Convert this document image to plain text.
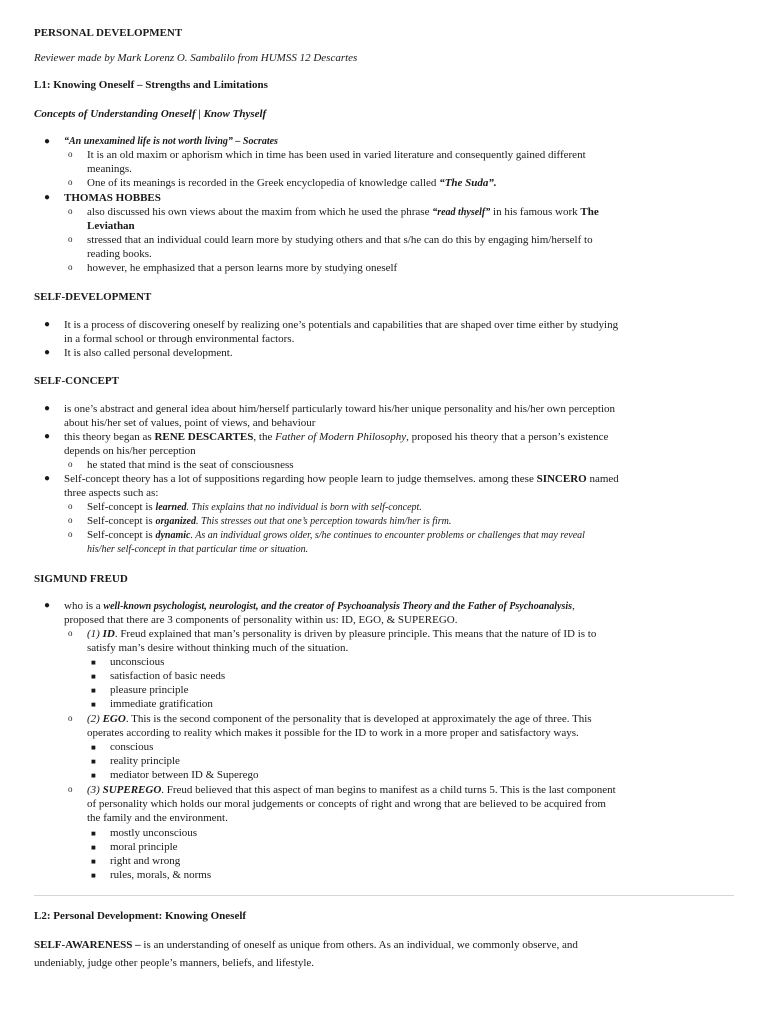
PERSONAL DEVELOPMENT
Reviewer made by Mark Lorenz O. Sambalilo from HUMSS 12 Descartes
L1: Knowing Oneself – Strengths and Limitations
Concepts of Understanding Oneself | Know Thyself
● “An unexamined life is not worth living” – Socrates
o It is an old maxim or aphorism which in time has been used in varied literature and consequently gained different
meanings.
o One of its meanings is recorded in the Greek encyclopedia of knowledge called “The Suda”.
● THOMAS HOBBES
o also discussed his own views about the maxim from which he used the phrase “read thyself” in his famous work The
Leviathan
o stressed that an individual could learn more by studying others and that s/he can do this by engaging him/herself to
reading books.
o however, he emphasized that a person learns more by studying oneself
SELF-DEVELOPMENT
● It is a process of discovering oneself by realizing one’s potentials and capabilities that are shaped over time either by studying
in a formal school or through environmental factors.
● It is also called personal development.
SELF-CONCEPT
● is one’s abstract and general idea about him/herself particularly toward his/her unique personality and his/her own perception
about his/her set of values, point of views, and behaviour
● this theory began as RENE DESCARTES, the Father of Modern Philosophy, proposed his theory that a person’s existence
depends on his/her perception
o he stated that mind is the seat of consciousness
● Self-concept theory has a lot of suppositions regarding how people learn to judge themselves. among these SINCERO named
three aspects such as:
o Self-concept is learned. This explains that no individual is born with self-concept.
o Self-concept is organized. This stresses out that one’s perception towards him/her is firm.
o Self-concept is dynamic. As an individual grows older, s/he continues to encounter problems or challenges that may reveal
his/her self-concept in that particular time or situation.
SIGMUND FREUD
● who is a well-known psychologist, neurologist, and the creator of Psychoanalysis Theory and the Father of Psychoanalysis,
proposed that there are 3 components of personality within us: ID, EGO, & SUPEREGO.
o (1) ID. Freud explained that man’s personality is driven by pleasure principle. This means that the nature of ID is to
satisfy man’s desire without thinking much of the situation.
■ unconscious
■ satisfaction of basic needs
■ pleasure principle
■ immediate gratification
o (2) EGO. This is the second component of the personality that is developed at approximately the age of three. This
operates according to reality which makes it possible for the ID to work in a more proper and satisfactory ways.
■ conscious
■ reality principle
■ mediator between ID & Superego
o (3) SUPEREGO. Freud believed that this aspect of man begins to manifest as a child turns 5. This is the last component
of personality which holds our moral judgements or concepts of right and wrong that are believed to be acquired from
the family and the environment.
■ mostly unconscious
■ moral principle
■ right and wrong
■ rules, morals, & norms
L2: Personal Development: Knowing Oneself
SELF-AWARENESS – is an understanding of oneself as unique from others. As an individual, we commonly observe, and
undeniably, judge other people’s manners, beliefs, and lifestyle.
